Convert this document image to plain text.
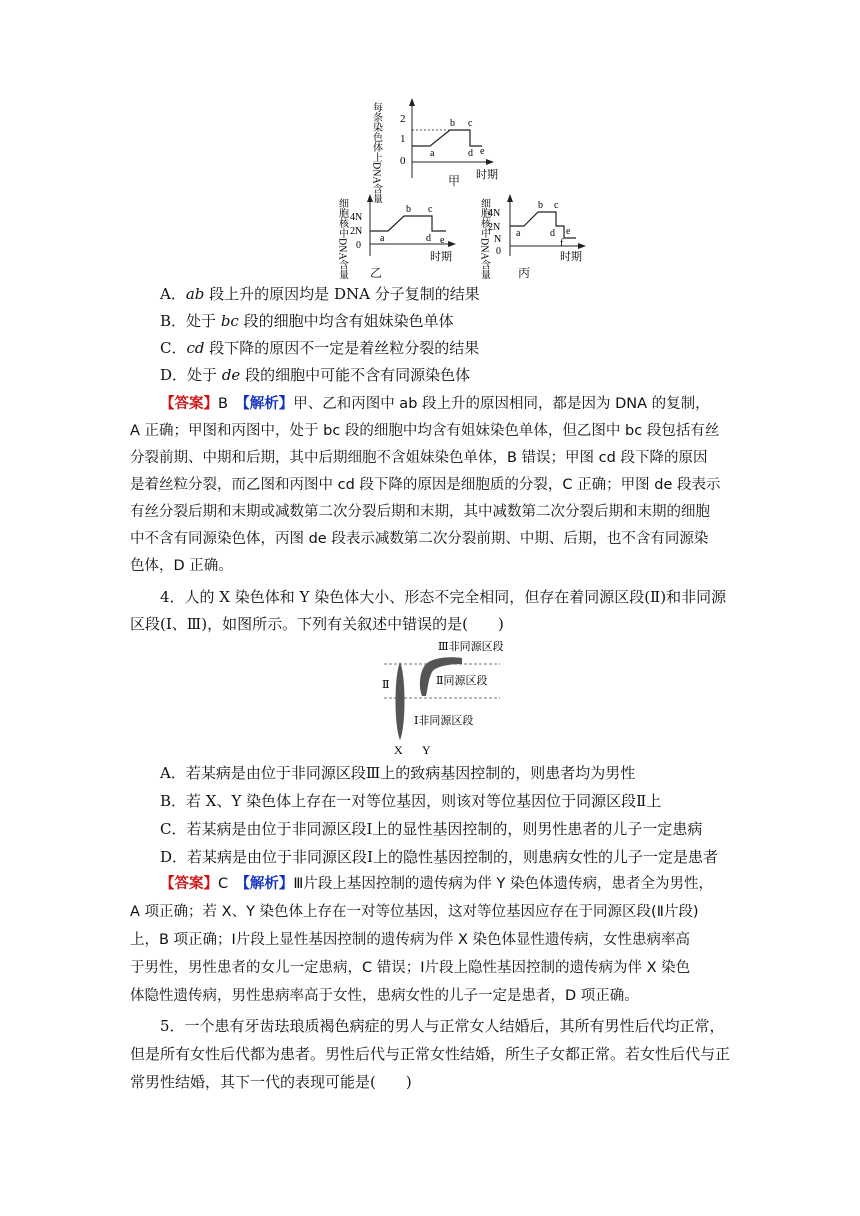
每条染色体上DNA含量 2
1
0
a
b c
d e
时期
甲
细胞核中DNA含量 4N
2N
0
a
b c
d e
时期
乙	细胞核中DNA含量
4N
2N
N
0
a
b c
d e
f
时期
丙
A．ab 段上升的原因均是 DNA 分子复制的结果
B．处于 bc 段的细胞中均含有姐妹染色单体
C．cd 段下降的原因不一定是着丝粒分裂的结果
D．处于 de 段的细胞中可能不含有同源染色体
【答案】B　 【解析】甲、乙和丙图中 ab 段上升的原因相同，都是因为 DNA 的复制，
A 正确；甲图和丙图中，处于 bc 段的细胞中均含有姐妹染色单体，但乙图中 bc 段包括有丝
分裂前期、中期和后期，其中后期细胞不含姐妹染色单体，B 错误；甲图 cd 段下降的原因
是着丝粒分裂，而乙图和丙图中 cd 段下降的原因是细胞质的分裂，C 正确；甲图 de 段表示
有丝分裂后期和末期或减数第二次分裂后期和末期，其中减数第二次分裂后期和末期的细胞
中不含有同源染色体，丙图 de 段表示减数第二次分裂前期、中期、后期，也不含有同源染
色体，D 正确。
4．人的 X 染色体和 Y 染色体大小、形态不完全相同，但存在着同源区段(Ⅱ)和非同源
区段(Ⅰ、Ⅲ)，如图所示。下列有关叙述中错误的是(　　)
Ⅲ非同源区段
Ⅱ	Ⅱ同源区段
Ⅰ非同源区段
X Y
A．若某病是由位于非同源区段Ⅲ上的致病基因控制的，则患者均为男性
B．若 X、Y 染色体上存在一对等位基因，则该对等位基因位于同源区段Ⅱ上
C．若某病是由位于非同源区段Ⅰ上的显性基因控制的，则男性患者的儿子一定患病
D．若某病是由位于非同源区段Ⅰ上的隐性基因控制的，则患病女性的儿子一定是患者
【答案】C　 【解析】Ⅲ片段上基因控制的遗传病为伴 Y 染色体遗传病，患者全为男性，
A 项正确；若 X、Y 染色体上存在一对等位基因，这对等位基因应存在于同源区段(Ⅱ片段)
上，B 项正确；Ⅰ片段上显性基因控制的遗传病为伴 X 染色体显性遗传病，女性患病率高
于男性，男性患者的女儿一定患病，C 错误；Ⅰ片段上隐性基因控制的遗传病为伴 X 染色
体隐性遗传病，男性患病率高于女性，患病女性的儿子一定是患者，D 项正确。
5．一个患有牙齿珐琅质褐色病症的男人与正常女人结婚后，其所有男性后代均正常，
但是所有女性后代都为患者。男性后代与正常女性结婚，所生子女都正常。若女性后代与正
常男性结婚，其下一代的表现可能是(　　)
